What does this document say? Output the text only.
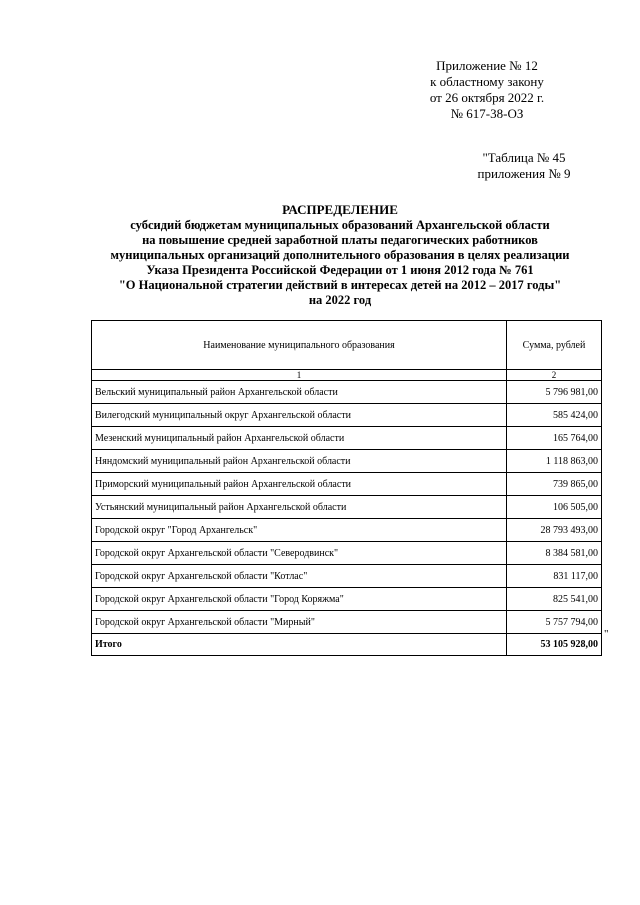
Приложение № 12
к областному закону
от 26 октября 2022 г.
№ 617-38-ОЗ
"Таблица № 45
приложения № 9
РАСПРЕДЕЛЕНИЕ
субсидий бюджетам муниципальных образований Архангельской области
на повышение средней заработной платы педагогических работников
муниципальных организаций дополнительного образования в целях реализации
Указа Президента Российской Федерации от 1 июня 2012 года № 761
"О Национальной стратегии действий в интересах детей на 2012 – 2017 годы"
на 2022 год
Наименование муниципального образования	Сумма, рублей
1	2
Вельский муниципальный район Архангельской области	5 796 981,00
Вилегодский муниципальный округ Архангельской области	585 424,00
Мезенский муниципальный район Архангельской области	165 764,00
Няндомский муниципальный район Архангельской области	1 118 863,00
Приморский муниципальный район Архангельской области	739 865,00
Устьянский муниципальный район Архангельской области	106 505,00
Городской округ "Город Архангельск"	28 793 493,00
Городской округ Архангельской области "Северодвинск"	8 384 581,00
Городской округ Архангельской области "Котлас"	831 117,00
Городской округ Архангельской области "Город Коряжма"	825 541,00
Городской округ Архангельской области "Мирный"	5 757 794,00
Итого	53 105 928,00
"
